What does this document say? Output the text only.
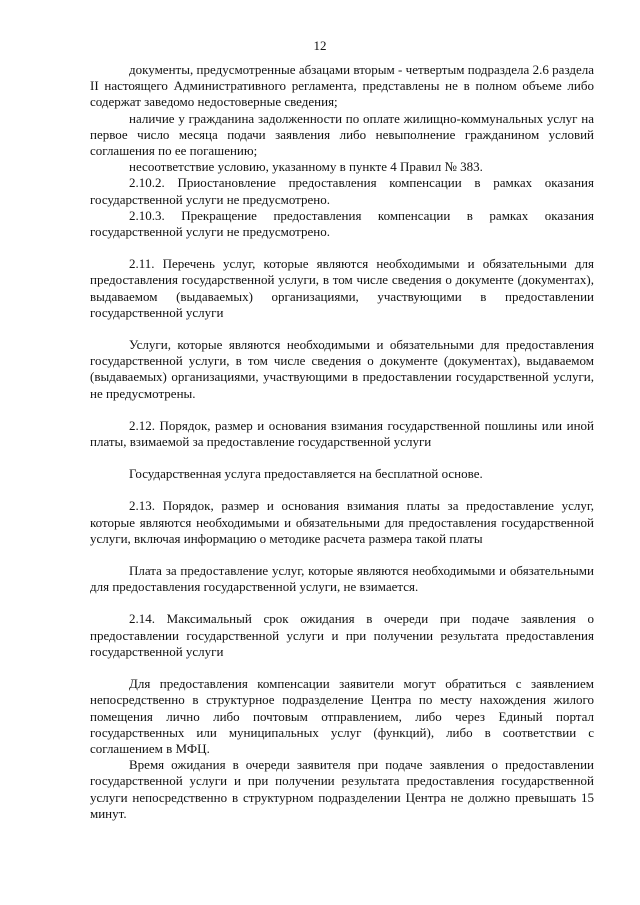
12

документы, предусмотренные абзацами вторым - четвертым подраздела 2.6 раздела II настоящего Административного регламента, представлены не в полном объеме либо содержат заведомо недостоверные сведения;

наличие у гражданина задолженности по оплате жилищно-коммунальных услуг на первое число месяца подачи заявления либо невыполнение гражданином условий соглашения по ее погашению;

несоответствие условию, указанному в пункте 4 Правил № 383.

2.10.2. Приостановление предоставления компенсации в рамках оказания государственной услуги не предусмотрено.

2.10.3. Прекращение предоставления компенсации в рамках оказания государственной услуги не предусмотрено.

2.11. Перечень услуг, которые являются необходимыми и обязательными для предоставления государственной услуги, в том числе сведения о документе (документах), выдаваемом (выдаваемых) организациями, участвующими в предоставлении государственной услуги

Услуги, которые являются необходимыми и обязательными для предоставления государственной услуги, в том числе сведения о документе (документах), выдаваемом (выдаваемых) организациями, участвующими в предоставлении государственной услуги, не предусмотрены.

2.12. Порядок, размер и основания взимания государственной пошлины или иной платы, взимаемой за предоставление государственной услуги

Государственная услуга предоставляется на бесплатной основе.

2.13. Порядок, размер и основания взимания платы за предоставление услуг, которые являются необходимыми и обязательными для предоставления государственной услуги, включая информацию о методике расчета размера такой платы

Плата за предоставление услуг, которые являются необходимыми и обязательными для предоставления государственной услуги, не взимается.

2.14. Максимальный срок ожидания в очереди при подаче заявления о предоставлении государственной услуги и при получении результата предоставления государственной услуги

Для предоставления компенсации заявители могут обратиться с заявлением непосредственно в структурное подразделение Центра по месту нахождения жилого помещения лично либо почтовым отправлением, либо через Единый портал государственных или муниципальных услуг (функций), либо в соответствии с соглашением в МФЦ.

Время ожидания в очереди заявителя при подаче заявления о предоставлении государственной услуги и при получении результата предоставления государственной услуги непосредственно в структурном подразделении Центра не должно превышать 15 минут.
